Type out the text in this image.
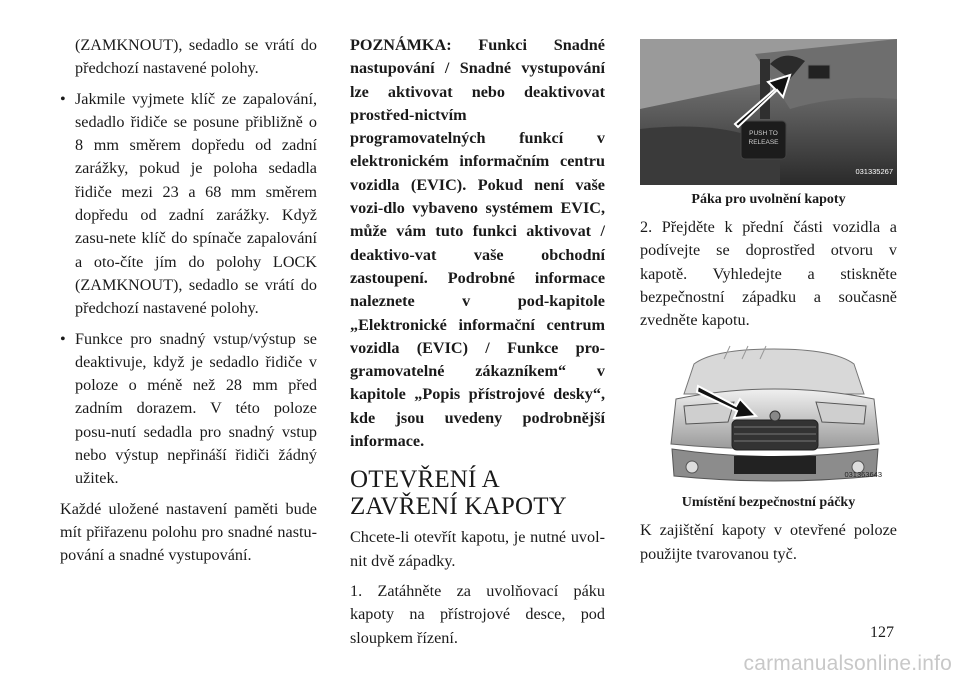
(ZAMKNOUT), sedadlo se vrátí do předchozí nastavené polohy.

• Jakmile vyjmete klíč ze zapalování, sedadlo řidiče se posune přibližně o 8 mm směrem dopředu od zadní zarážky, pokud je poloha sedadla řidiče mezi 23 a 68 mm směrem dopředu od zadní zarážky. Když zasu-nete klíč do spínače zapalování a oto-číte jím do polohy LOCK (ZAMKNOUT), sedadlo se vrátí do předchozí nastavené polohy.

• Funkce pro snadný vstup/výstup se deaktivuje, když je sedadlo řidiče v poloze o méně než 28 mm před zadním dorazem. V této poloze posu-nutí sedadla pro snadný vstup nebo výstup nepřináší řidiči žádný užitek.

Každé uložené nastavení paměti bude mít přiřazenu polohu pro snadné nastu-pování a snadné vystupování.

POZNÁMKA: Funkci Snadné nastupování / Snadné vystupování lze aktivovat nebo deaktivovat prostřed-nictvím programovatelných funkcí v elektronickém informačním centru vozidla (EVIC). Pokud není vaše vozi-dlo vybaveno systémem EVIC, může vám tuto funkci aktivovat / deaktivo-vat vaše obchodní zastoupení. Podrobné informace naleznete v pod-kapitole „Elektronické informační centrum vozidla (EVIC) / Funkce pro-gramovatelné zákazníkem“ v kapitole „Popis přístrojové desky“, kde jsou uvedeny podrobnější informace.

OTEVŘENÍ A ZAVŘENÍ KAPOTY

Chcete-li otevřít kapotu, je nutné uvol-nit dvě západky.

1. Zatáhněte za uvolňovací páku kapoty na přístrojové desce, pod sloupkem řízení.

PUSH TO
RELEASE
031335267

Páka pro uvolnění kapoty

2. Přejděte k přední části vozidla a podívejte se doprostřed otvoru v kapotě. Vyhledejte a stiskněte bezpečnostní západku a současně zvedněte kapotu.

031363643

Umístění bezpečnostní páčky

K zajištění kapoty v otevřené poloze použijte tvarovanou tyč.

127
carmanualsonline.info
